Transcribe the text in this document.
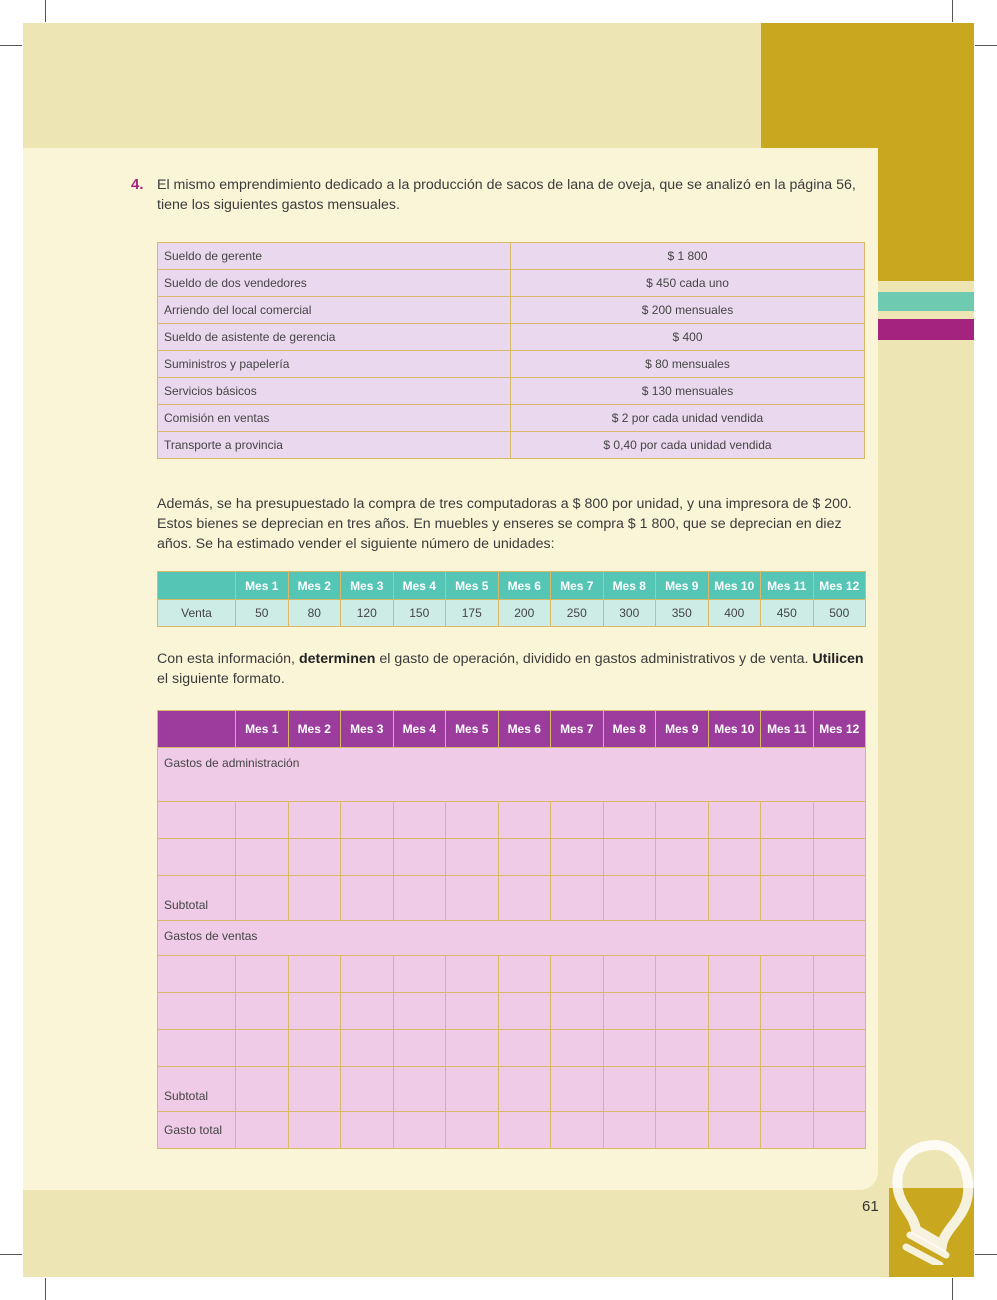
61
4. El mismo emprendimiento dedicado a la producción de sacos de lana de oveja, que se analizó en la página 56, tiene los siguientes gastos mensuales.
Sueldo de gerente	$ 1 800
Sueldo de dos vendedores	$ 450 cada uno
Arriendo del local comercial	$ 200 mensuales
Sueldo de asistente de gerencia	$ 400
Suministros y papelería	$ 80 mensuales
Servicios básicos	$ 130 mensuales
Comisión en ventas	$ 2 por cada unidad vendida
Transporte a provincia	$ 0,40 por cada unidad vendida
Además, se ha presupuestado la compra de tres computadoras a $ 800 por unidad, y una impresora de $ 200. Estos bienes se deprecian en tres años. En muebles y enseres se compra $ 1 800, que se deprecian en diez años. Se ha estimado vender el siguiente número de unidades:
	Mes 1	Mes 2	Mes 3	Mes 4	Mes 5	Mes 6	Mes 7	Mes 8	Mes 9	Mes 10	Mes 11	Mes 12
Venta	50	80	120	150	175	200	250	300	350	400	450	500
Con esta información, determinen el gasto de operación, dividido en gastos administrativos y de venta. Utilicen el siguiente formato.
	Mes 1	Mes 2	Mes 3	Mes 4	Mes 5	Mes 6	Mes 7	Mes 8	Mes 9	Mes 10	Mes 11	Mes 12
Gastos de administración												

Subtotal												
Gastos de ventas												

Subtotal												
Gasto total												
